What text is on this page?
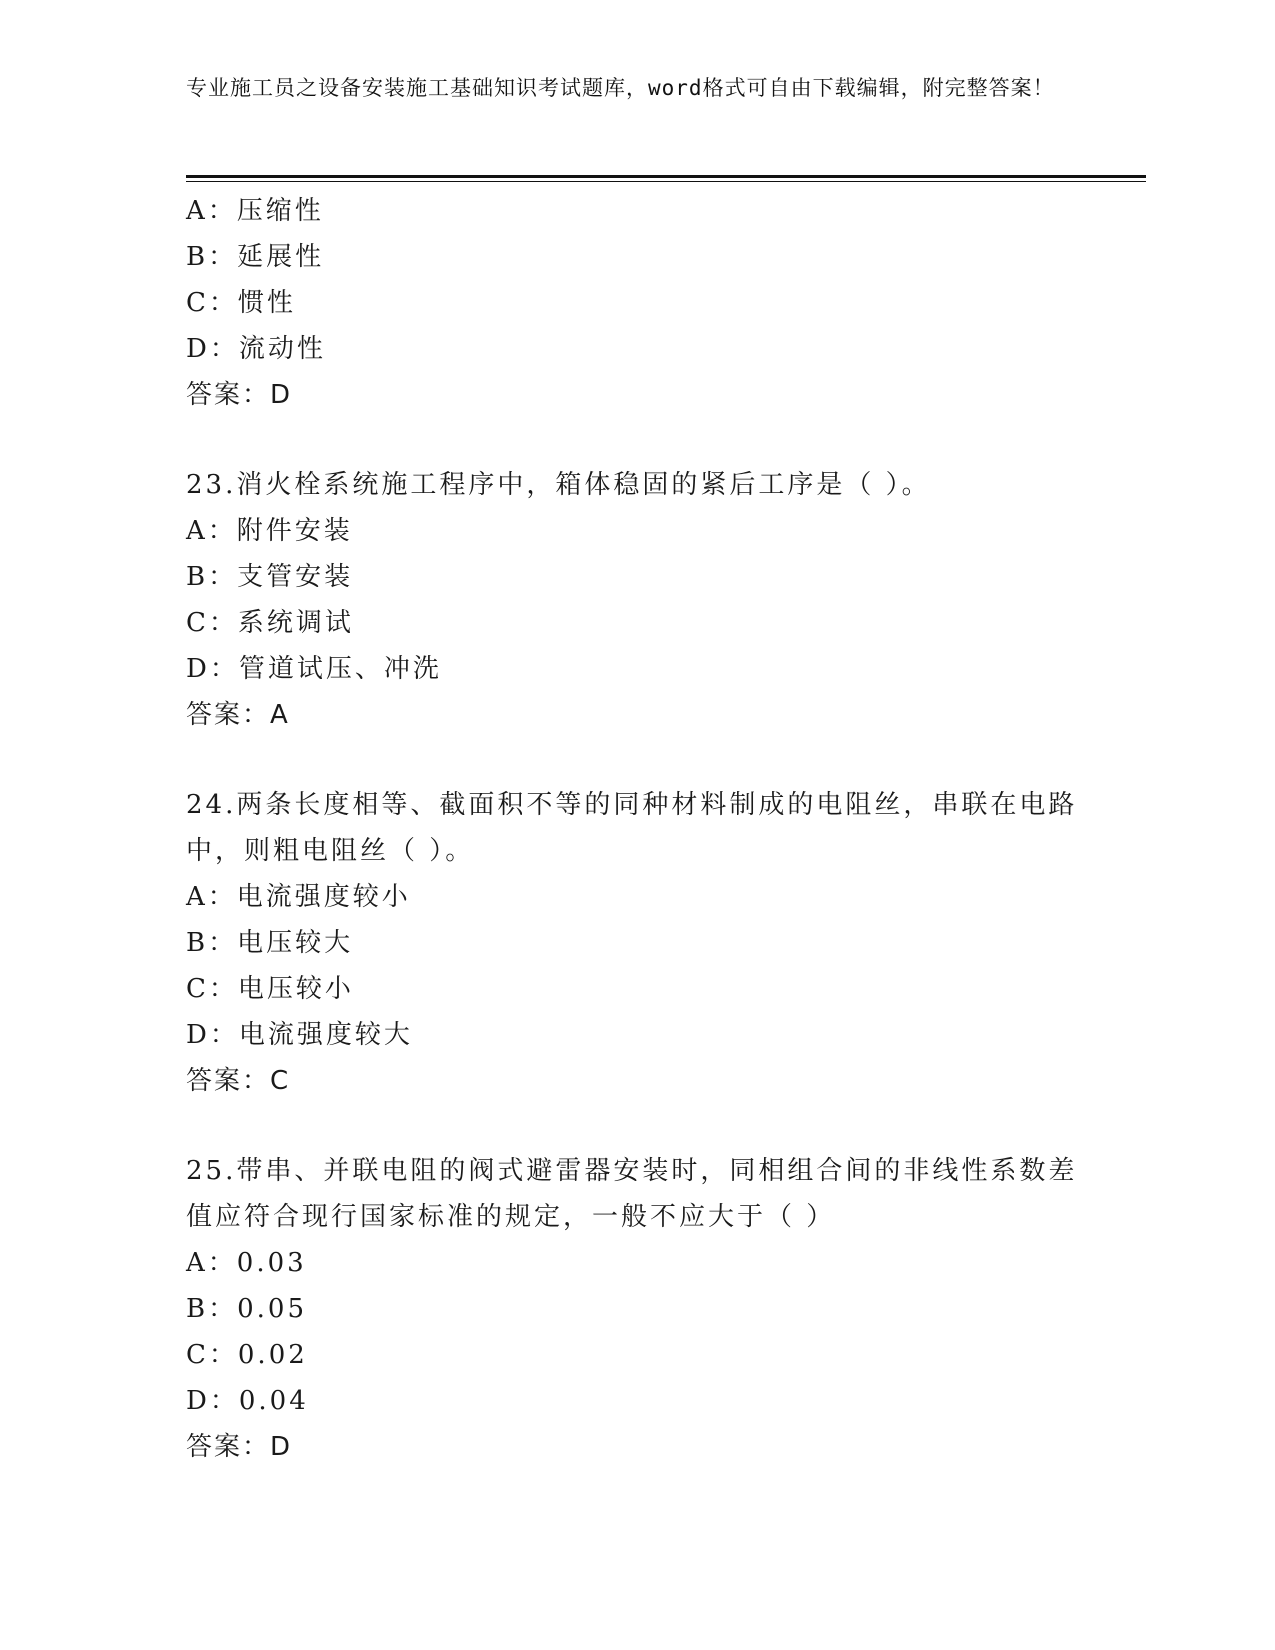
专业施工员之设备安装施工基础知识考试题库，word格式可自由下载编辑，附完整答案！
A：压缩性
B：延展性
C：惯性
D：流动性
答案：D
23.消火栓系统施工程序中，箱体稳固的紧后工序是（ ）。
A：附件安装
B：支管安装
C：系统调试
D：管道试压、冲洗
答案：A
24.两条长度相等、截面积不等的同种材料制成的电阻丝，串联在电路中，则粗电阻丝（ ）。
A：电流强度较小
B：电压较大
C：电压较小
D：电流强度较大
答案：C
25.带串、并联电阻的阀式避雷器安装时，同相组合间的非线性系数差值应符合现行国家标准的规定，一般不应大于（ ）
A：0.03
B：0.05
C：0.02
D：0.04
答案：D
